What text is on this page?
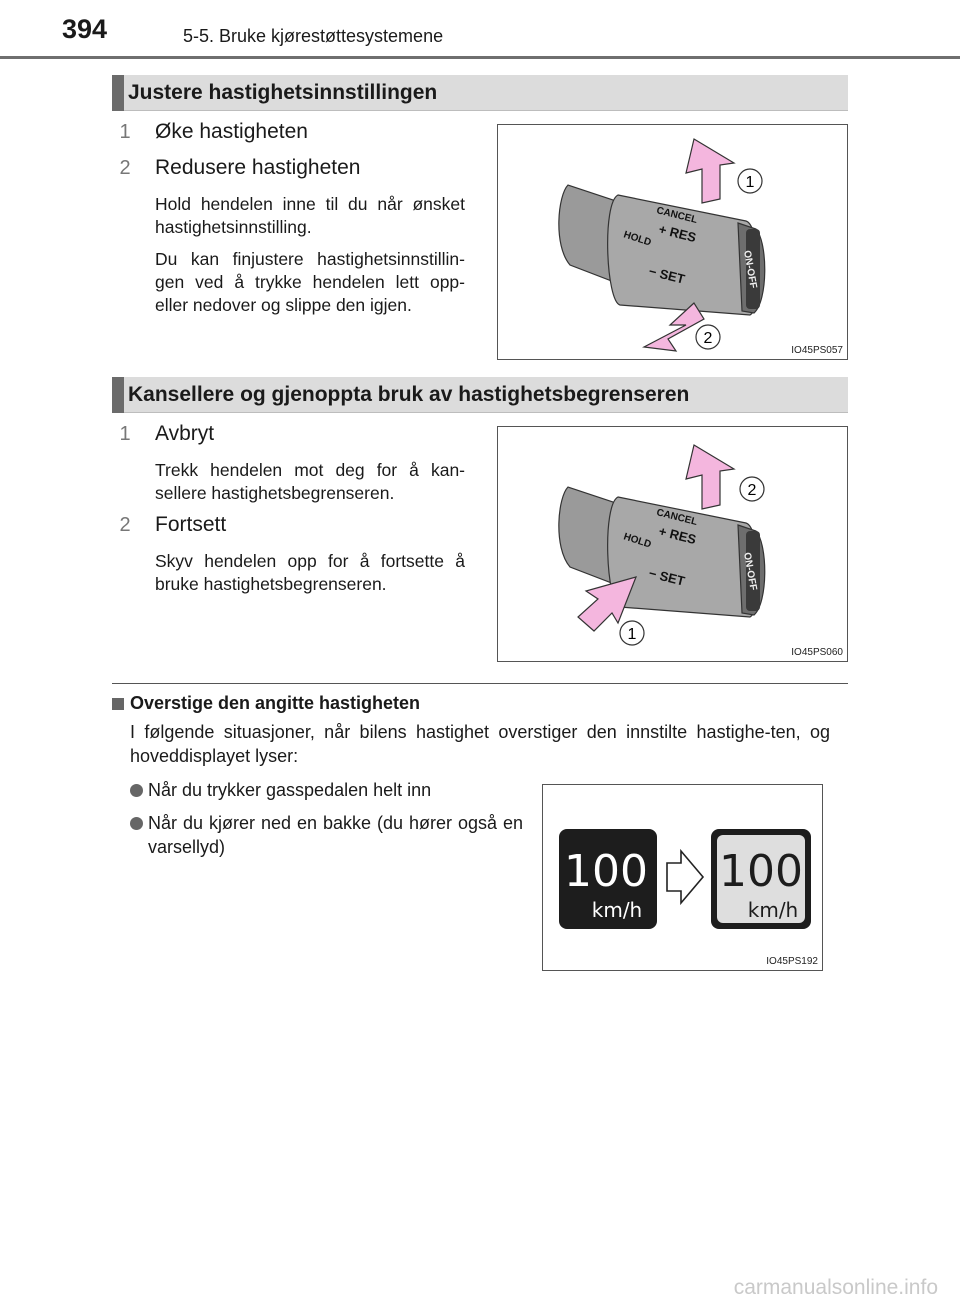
394	5-5. Bruke kjørestøttesystemene
Justere hastighetsinnstillingen
1 Øke hastigheten
2 Redusere hastigheten
Hold hendelen inne til du når ønsket hastighetsinnstilling.
Du kan finjustere hastighetsinnstillin-gen ved å trykke hendelen lett opp- eller nedover og slippe den igjen.
CANCEL
+ RES
HOLD
− SET	ON-OFF
1
2
IO45PS057
Kansellere og gjenoppta bruk av hastighetsbegrenseren
1 Avbryt
Trekk hendelen mot deg for å kan-sellere hastighetsbegrenseren.
2 Fortsett
Skyv hendelen opp for å fortsette å bruke hastighetsbegrenseren.
CANCEL
+ RES
HOLD
− SET	ON-OFF
2
1
IO45PS060
Overstige den angitte hastigheten
I følgende situasjoner, når bilens hastighet overstiger den innstilte hastighe-ten, og hoveddisplayet lyser:
Når du trykker gasspedalen helt inn
Når du kjører ned en bakke (du hører også en varsellyd)	100
km/h
100
km/h
IO45PS192
carmanualsonline.info
